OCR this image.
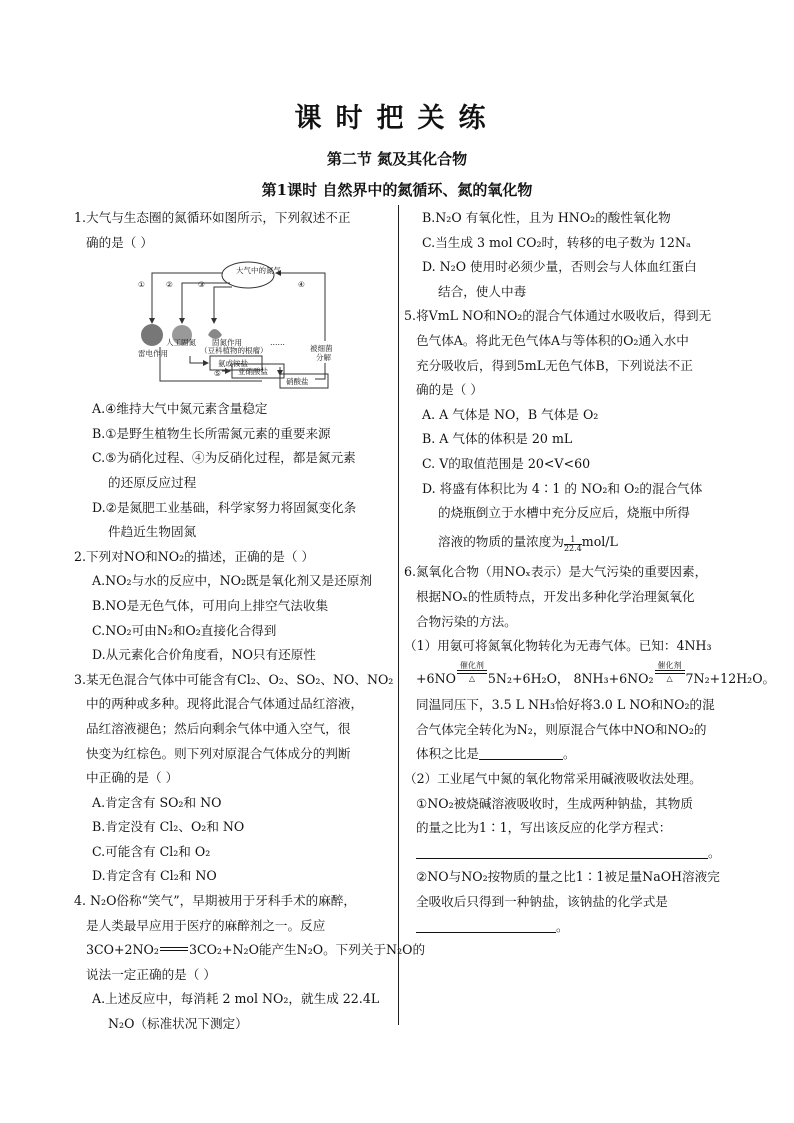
课时把关练
第二节 氮及其化合物
第1课时 自然界中的氮循环、氮的氧化物

1.大气与生态圈的氮循环如图所示，下列叙述不正

确的是（ ）

大气中的氮气
①	②	③	④
⑤
雷电作用
人工固氮 固氮作用
（豆科植物的根瘤）	被细菌
分解
氨或铵盐
亚硝酸盐
硝酸盐
……

A.④维持大气中氮元素含量稳定

B.①是野生植物生长所需氮元素的重要来源

C.⑤为硝化过程、④为反硝化过程，都是氮元素

的还原反应过程

D.②是氮肥工业基础，科学家努力将固氮变化条

件趋近生物固氮

2.下列对NO和NO₂的描述，正确的是（ ）

A.NO₂与水的反应中，NO₂既是氧化剂又是还原剂

B.NO是无色气体，可用向上排空气法收集

C.NO₂可由N₂和O₂直接化合得到

D.从元素化合价角度看，NO只有还原性

3.某无色混合气体中可能含有Cl₂、O₂、SO₂、NO、NO₂

中的两种或多种。现将此混合气体通过品红溶液，

品红溶液褪色；然后向剩余气体中通入空气，很

快变为红棕色。则下列对原混合气体成分的判断

中正确的是（ ）

A.肯定含有 SO₂和 NO

B.肯定没有 Cl₂、O₂和 NO

C.可能含有 Cl₂和 O₂

D.肯定含有 Cl₂和 NO

4. N₂O俗称“笑气”，早期被用于牙科手术的麻醉，

是人类最早应用于医疗的麻醉剂之一。反应

3CO+2NO₂ 3CO₂+N₂O能产生N₂O。下列关于N₂O的

说法一定正确的是（ ）

A.上述反应中，每消耗 2 mol NO₂，就生成 22.4L

N₂O（标准状况下测定）

B.N₂O 有氧化性，且为 HNO₂的酸性氧化物

C.当生成 3 mol CO₂时，转移的电子数为 12Nₐ

D. N₂O 使用时必须少量，否则会与人体血红蛋白

结合，使人中毒

5.将VmL NO和NO₂的混合气体通过水吸收后，得到无

色气体A。将此无色气体A与等体积的O₂通入水中

充分吸收后，得到5mL无色气体B，下列说法不正

确的是（ ）

A. A 气体是 NO，B 气体是 O₂

B. A 气体的体积是 20 mL

C. V的取值范围是 20<V<60

D. 将盛有体积比为 4∶1 的 NO₂和 O₂的混合气体

的烧瓶倒立于水槽中充分反应后，烧瓶中所得

溶液的物质的量浓度为 $\frac{1}{22.4} mol/L$

6.氮氧化合物（用NOₓ表示）是大气污染的重要因素，

根据NOₓ的性质特点，开发出多种化学治理氮氧化

合物污染的方法。

（1）用氨可将氮氧化物转化为无毒气体。已知：4NH₃

+6NO
催化剂
△	5N₂+6H₂O， 8NH₃+6NO₂
催化剂
△	7N₂+12H₂O。

同温同压下，3.5 L NH₃恰好将3.0 L NO和NO₂的混

合气体完全转化为N₂，则原混合气体中NO和NO₂的

体积之比是	。

（2）工业尾气中氮的氧化物常采用碱液吸收法处理。

①NO₂被烧碱溶液吸收时，生成两种钠盐，其物质

的量之比为1∶1，写出该反应的化学方程式：

。

②NO与NO₂按物质的量之比1∶1被足量NaOH溶液完

全吸收后只得到一种钠盐，该钠盐的化学式是

。
